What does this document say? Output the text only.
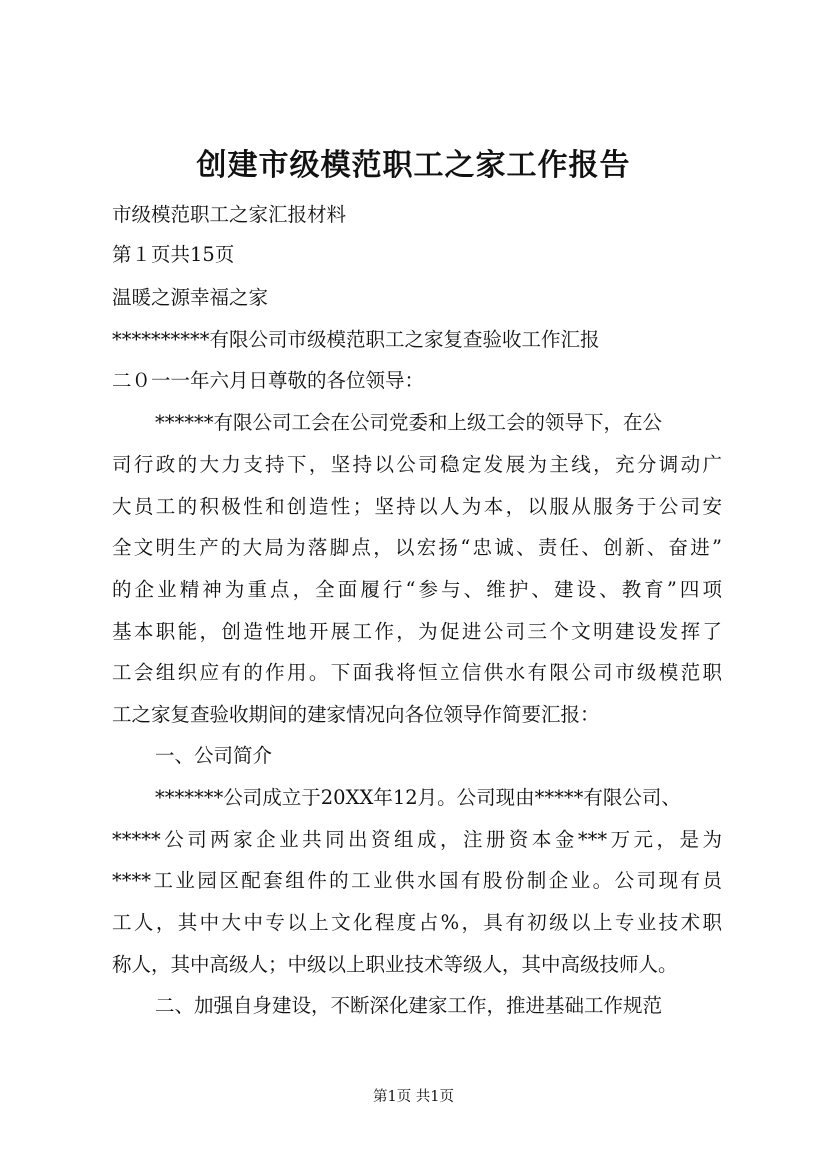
创建市级模范职工之家工作报告
市级模范职工之家汇报材料
第１页共15页
温暖之源幸福之家
**********有限公司市级模范职工之家复查验收工作汇报
二０一一年六月日尊敬的各位领导：
******有限公司工会在公司党委和上级工会的领导下，在公
司行政的大力支持下，坚持以公司稳定发展为主线，充分调动广
大员工的积极性和创造性；坚持以人为本，以服从服务于公司安
全文明生产的大局为落脚点，以宏扬“忠诚、责任、创新、奋进”
的企业精神为重点，全面履行“参与、维护、建设、教育”四项
基本职能，创造性地开展工作，为促进公司三个文明建设发挥了
工会组织应有的作用。下面我将恒立信供水有限公司市级模范职
工之家复查验收期间的建家情况向各位领导作简要汇报：
一、公司简介
*******公司成立于20XX年12月。公司现由*****有限公司、
*****公司两家企业共同出资组成，注册资本金***万元，是为
****工业园区配套组件的工业供水国有股份制企业。公司现有员
工人，其中大中专以上文化程度占%，具有初级以上专业技术职
称人，其中高级人；中级以上职业技术等级人，其中高级技师人。
二、加强自身建设，不断深化建家工作，推进基础工作规范
第1页 共1页
